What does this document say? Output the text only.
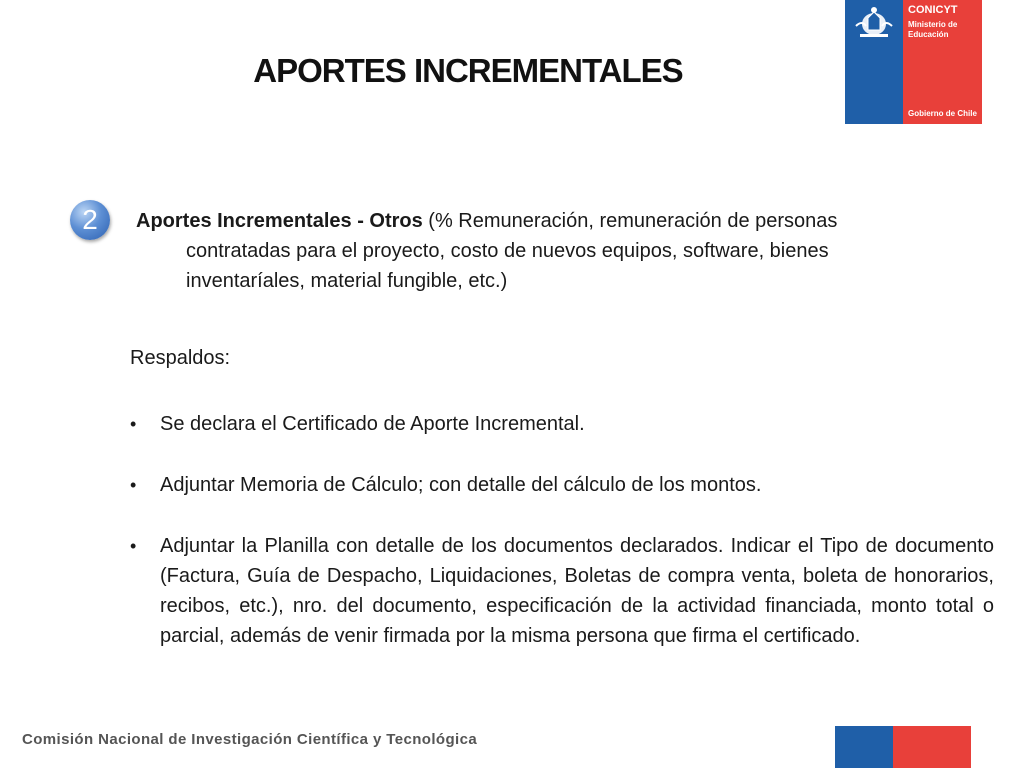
CONICYT
Ministerio de
Educación
Gobierno de Chile
APORTES INCREMENTALES
2	Aportes Incrementales - Otros (% Remuneración, remuneración de personas contratadas para el proyecto, costo de nuevos equipos, software, bienes inventaríales, material fungible, etc.)
Respaldos:
• Se declara el Certificado de Aporte Incremental.
• Adjuntar Memoria de Cálculo; con detalle del cálculo de los montos.
• Adjuntar la Planilla con detalle de los documentos declarados. Indicar el Tipo de documento (Factura, Guía de Despacho, Liquidaciones, Boletas de compra venta, boleta de honorarios, recibos, etc.), nro. del documento, especificación de la actividad financiada, monto total o parcial, además de venir firmada por la misma persona que firma el certificado.
Comisión Nacional de Investigación Científica y Tecnológica
